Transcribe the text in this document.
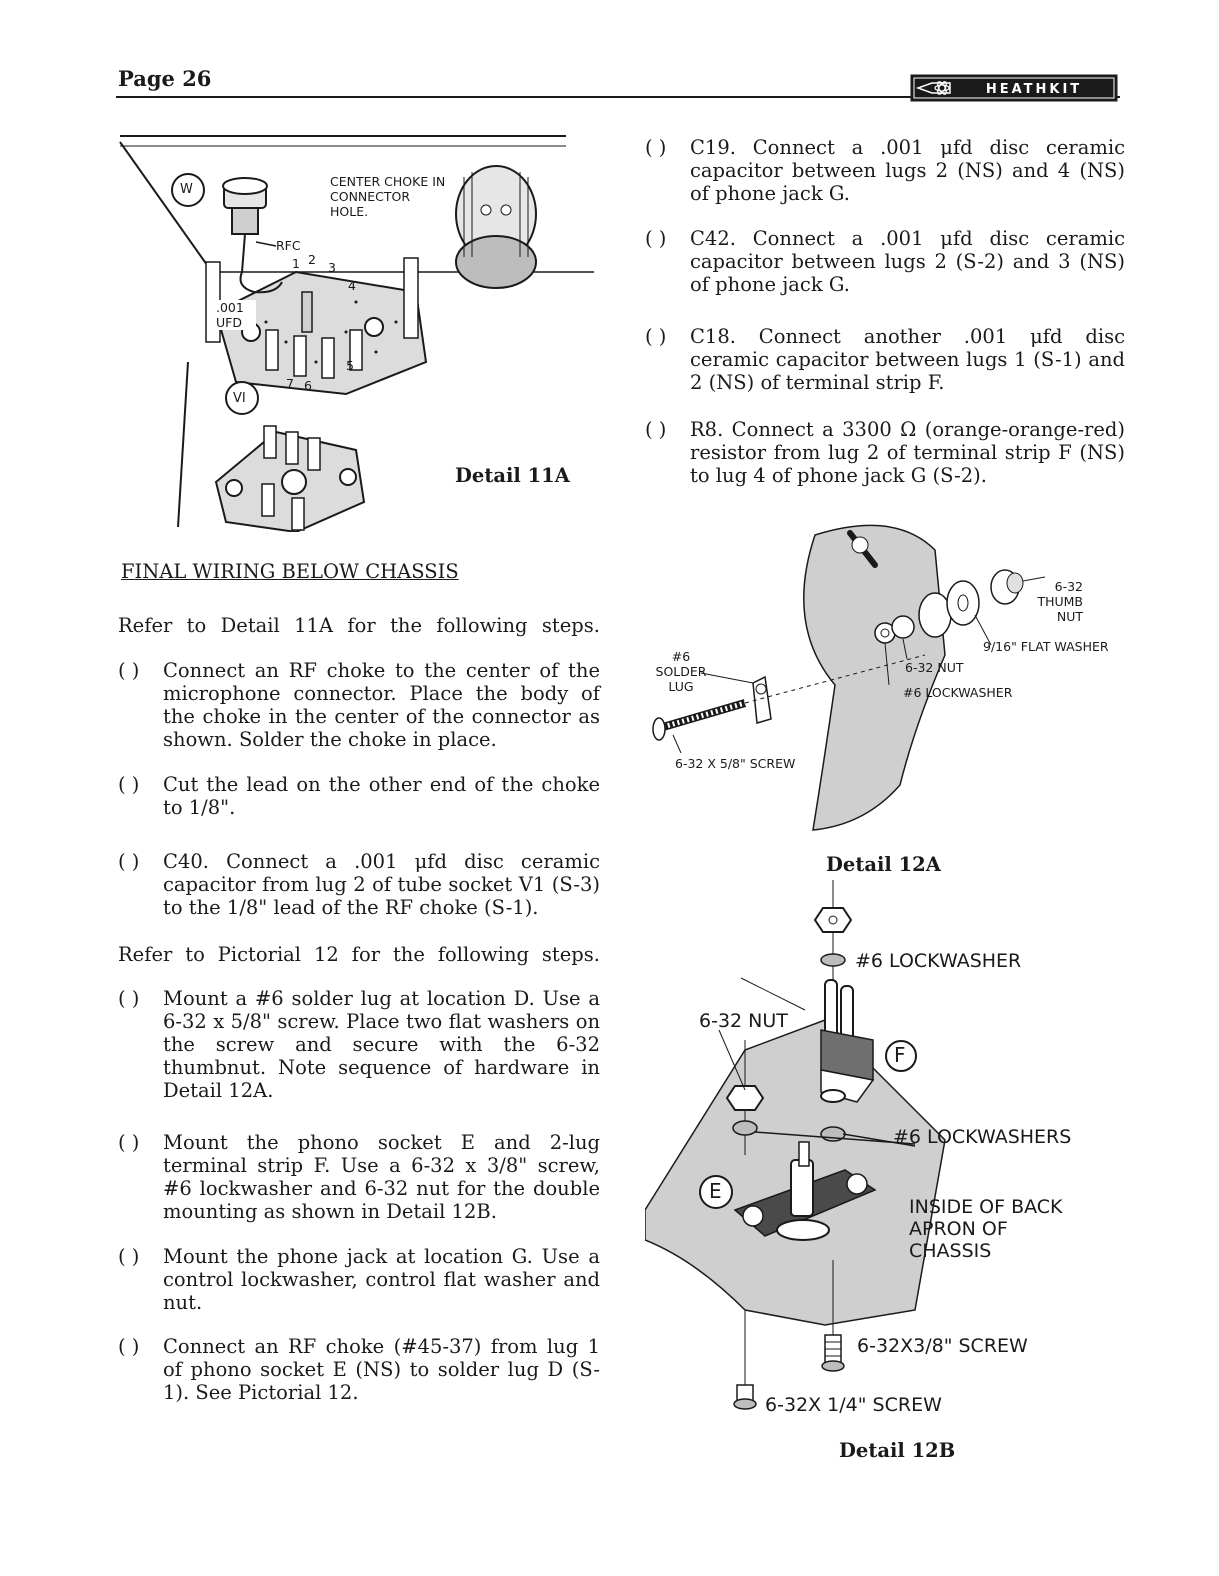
Page 26	HEATHKIT
W
CENTER CHOKE IN CONNECTOR HOLE.
RFC
1 2
3
4
5
6
7
.001 UFD
VI
Detail 11A
FINAL WIRING BELOW CHASSIS
Refer to Detail 11A for the following steps.
( ) Connect an RF choke to the center of the microphone connector. Place the body of the choke in the center of the connector as shown. Solder the choke in place.
( ) Cut the lead on the other end of the choke to 1/8".
( ) C40. Connect a .001 μfd disc ceramic capacitor from lug 2 of tube socket V1 (S-3) to the 1/8" lead of the RF choke (S-1).
Refer to Pictorial 12 for the following steps.
( ) Mount a #6 solder lug at location D. Use a 6-32 x 5/8" screw. Place two flat washers on the screw and secure with the 6-32 thumbnut. Note sequence of hardware in Detail 12A.
( ) Mount the phono socket E and 2-lug terminal strip F. Use a 6-32 x 3/8" screw, #6 lockwasher and 6-32 nut for the double mounting as shown in Detail 12B.
( ) Mount the phone jack at location G. Use a control lockwasher, control flat washer and nut.
( ) Connect an RF choke (#45-37) from lug 1 of phono socket E (NS) to solder lug D (S-1). See Pictorial 12.
( ) C19. Connect a .001 μfd disc ceramic capacitor between lugs 2 (NS) and 4 (NS) of phone jack G.
( ) C42. Connect a .001 μfd disc ceramic capacitor between lugs 2 (S-2) and 3 (NS) of phone jack G.
( ) C18. Connect another .001 μfd disc ceramic capacitor between lugs 1 (S-1) and 2 (NS) of terminal strip F.
( ) R8. Connect a 3300 Ω (orange-orange-red) resistor from lug 2 of terminal strip F (NS) to lug 4 of phone jack G (S-2).
#6 SOLDER LUG
6-32 X 5/8" SCREW
6-32 THUMB NUT
9/16" FLAT WASHER
6-32 NUT
#6 LOCKWASHER
Detail 12A
#6 LOCKWASHER
6-32 NUT
F
#6 LOCKWASHERS
E
INSIDE OF BACK APRON OF CHASSIS
6-32X3/8" SCREW
6-32X 1/4" SCREW
Detail 12B
